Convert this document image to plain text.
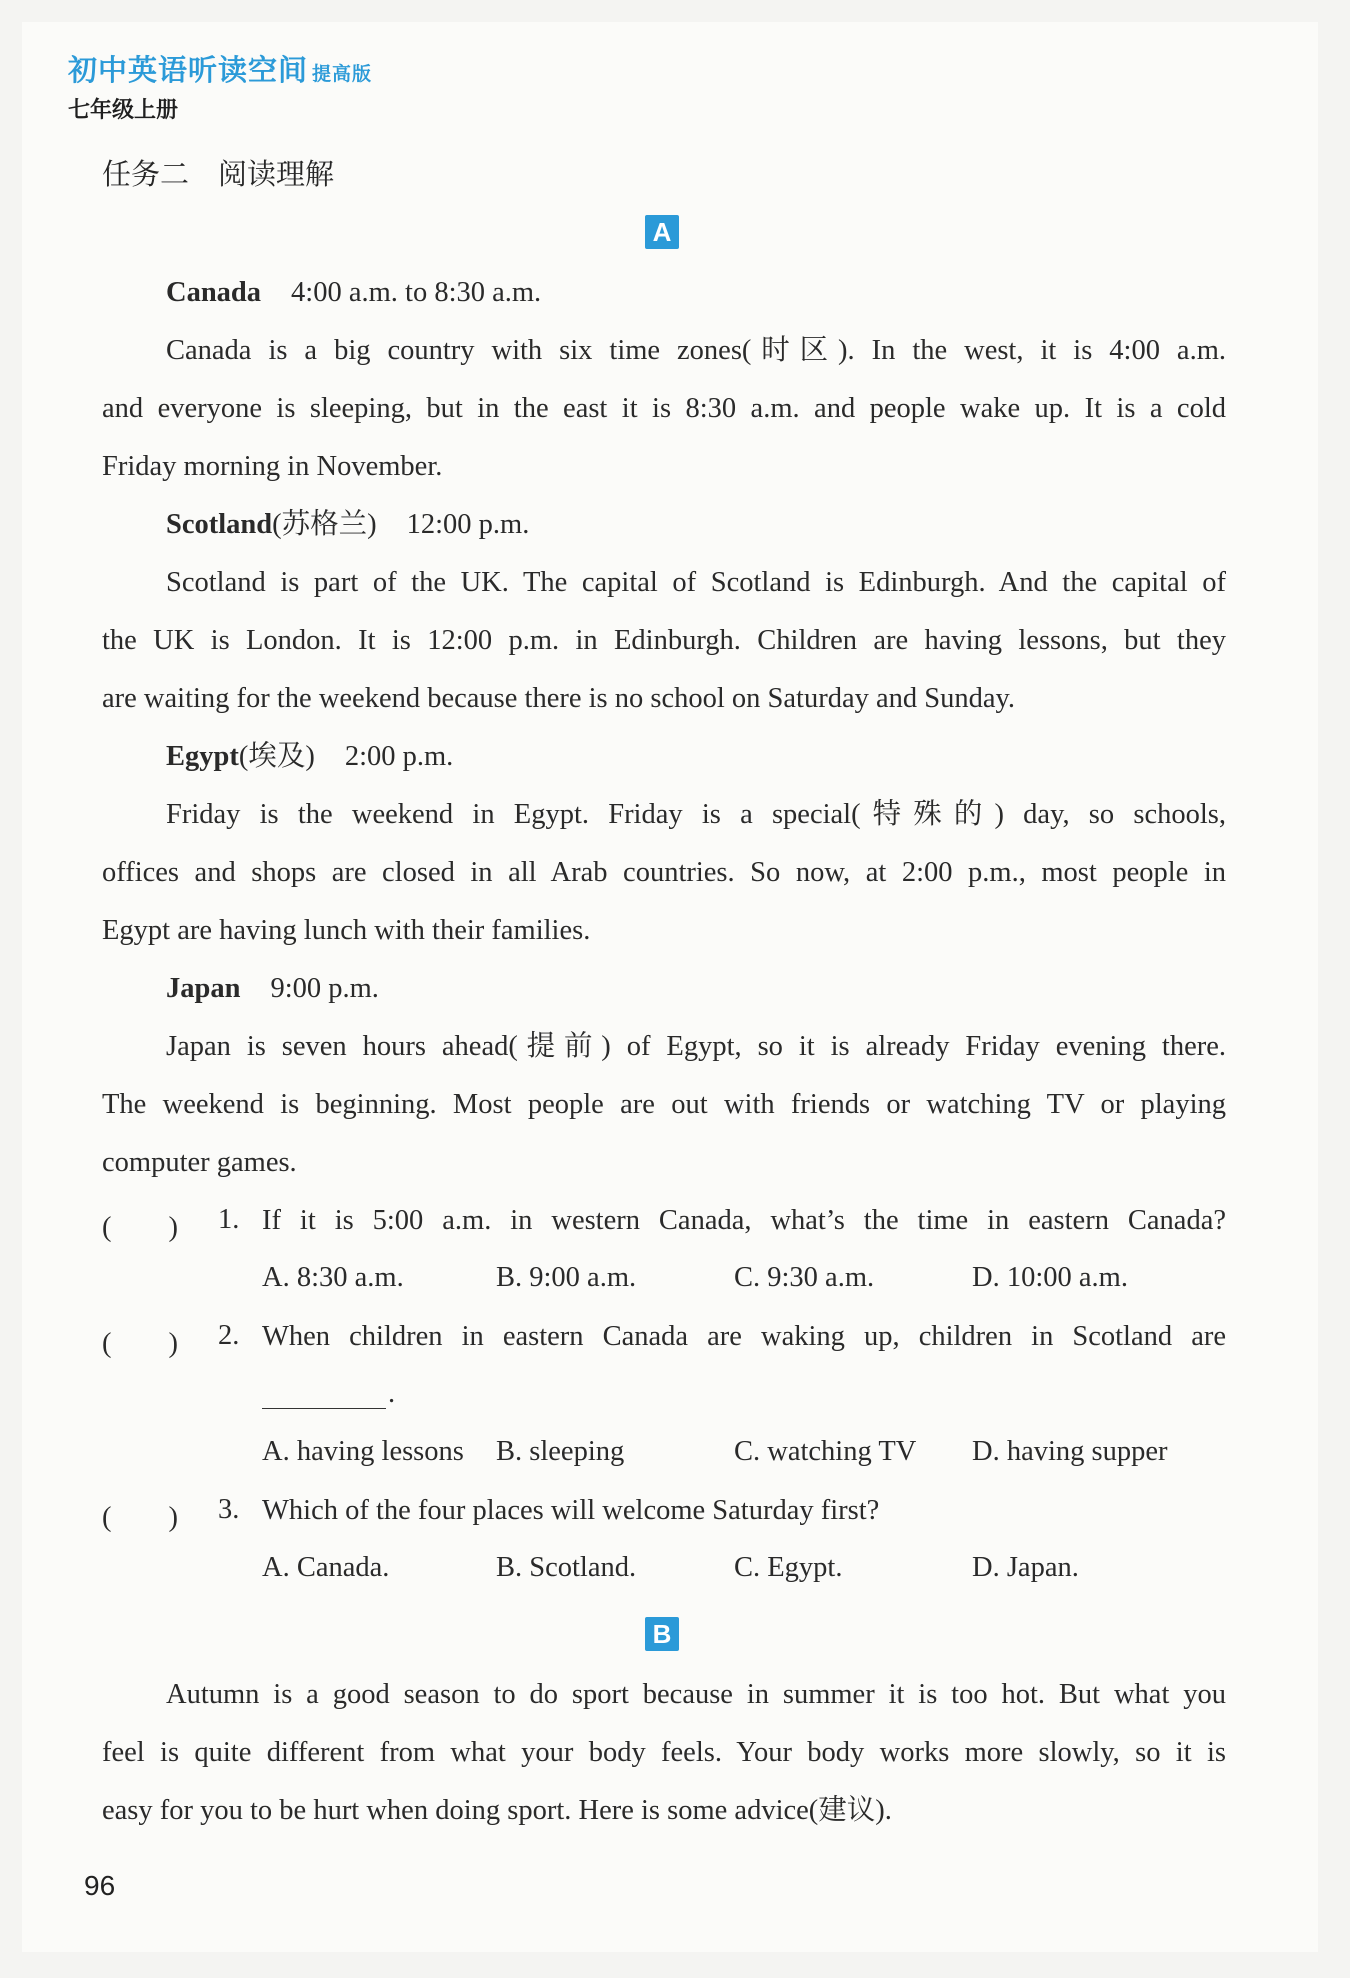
初中英语听读空间 提高版
七年级上册
任务二　阅读理解
A
Canada 4:00 a.m. to 8:30 a.m.
Canada is a big country with six time zones(时区). In the west, it is 4:00 a.m.
and everyone is sleeping, but in the east it is 8:30 a.m. and people wake up. It is a cold
Friday morning in November.
Scotland(苏格兰) 12:00 p.m.
Scotland is part of the UK. The capital of Scotland is Edinburgh. And the capital of
the UK is London. It is 12:00 p.m. in Edinburgh. Children are having lessons, but they
are waiting for the weekend because there is no school on Saturday and Sunday.
Egypt(埃及) 2:00 p.m.
Friday is the weekend in Egypt. Friday is a special(特殊的) day, so schools,
offices and shops are closed in all Arab countries. So now, at 2:00 p.m., most people in
Egypt are having lunch with their families.
Japan 9:00 p.m.
Japan is seven hours ahead(提前) of Egypt, so it is already Friday evening there.
The weekend is beginning. Most people are out with friends or watching TV or playing
computer games.
(　　) 1. If it is 5:00 a.m. in western Canada, what’s the time in eastern Canada?
A. 8:30 a.m.	B. 9:00 a.m.	C. 9:30 a.m.	D. 10:00 a.m.
(　　) 2. When children in eastern Canada are waking up, children in Scotland are
.
A. having lessons B. sleeping	C. watching TV D. having supper
(　　) 3. Which of the four places will welcome Saturday first?
A. Canada.	B. Scotland.	C. Egypt.	D. Japan.
B
Autumn is a good season to do sport because in summer it is too hot. But what you
feel is quite different from what your body feels. Your body works more slowly, so it is
easy for you to be hurt when doing sport. Here is some advice(建议).
96
